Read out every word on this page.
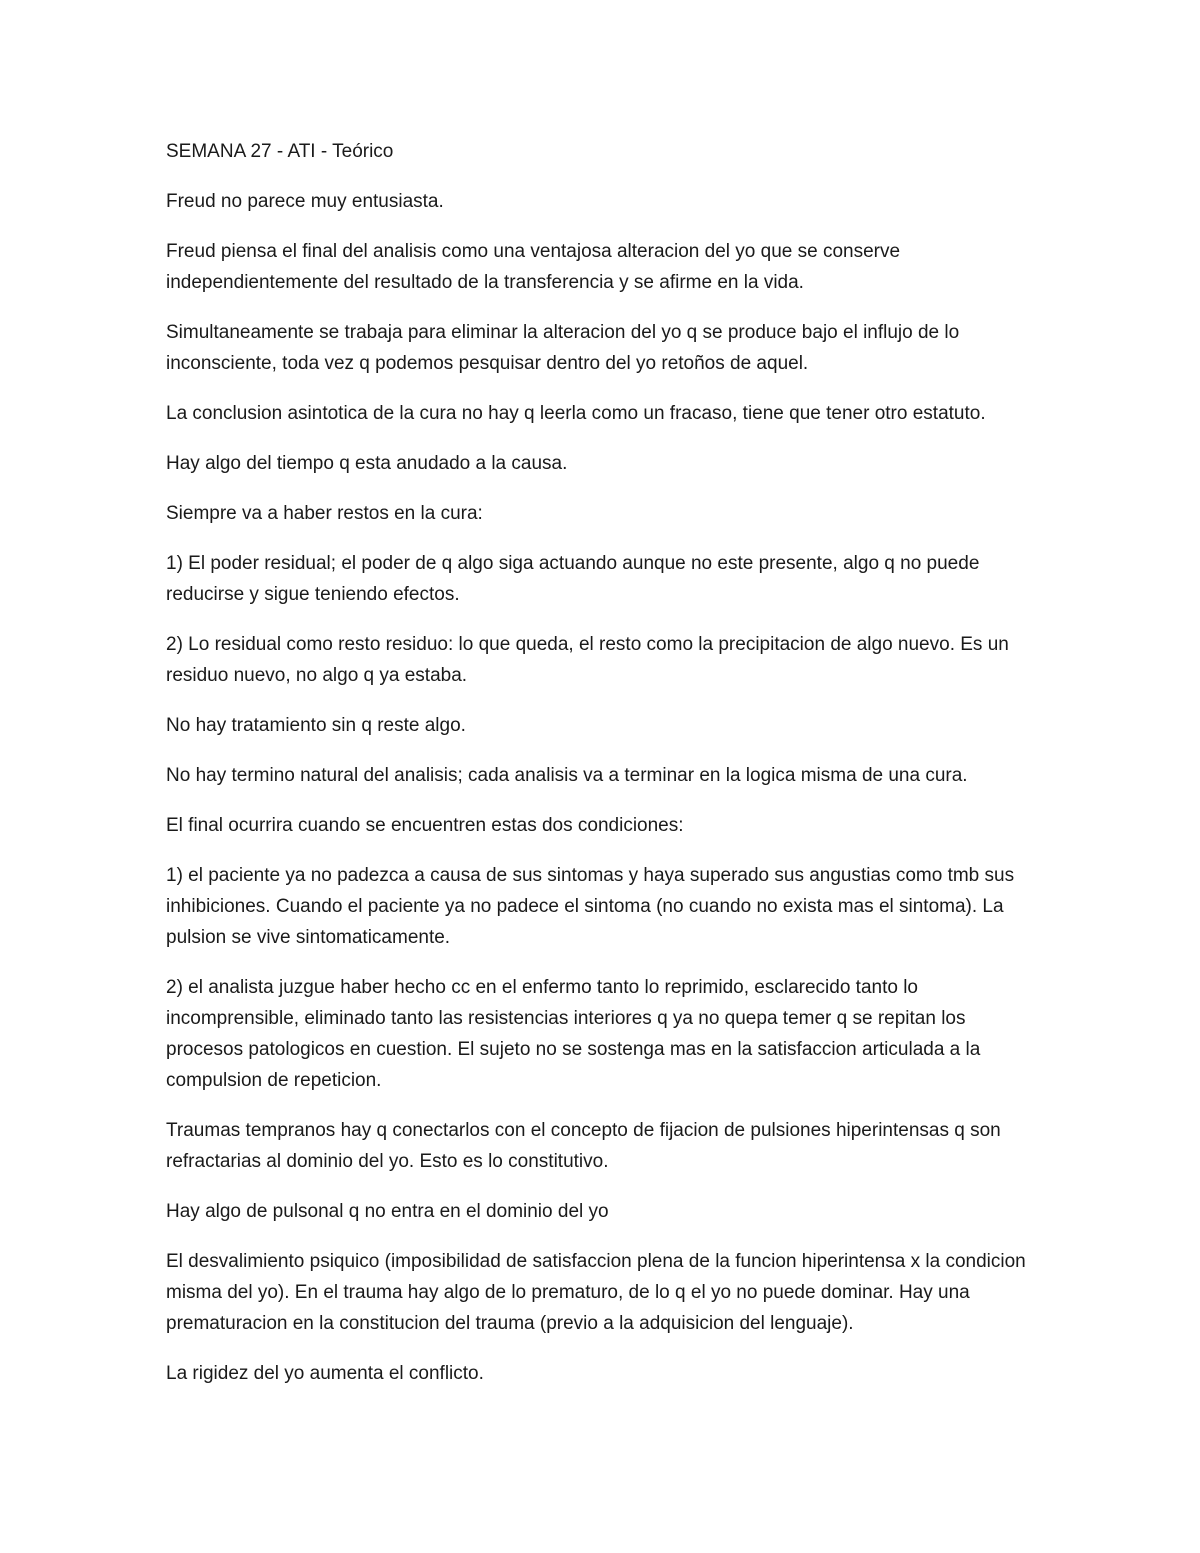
SEMANA 27 - ATI - Teórico

Freud no parece muy entusiasta.

Freud piensa el final del analisis como una ventajosa alteracion del yo que se conserve independientemente del resultado de la transferencia y se afirme en la vida.

Simultaneamente se trabaja para eliminar la alteracion del yo q se produce bajo el influjo de lo inconsciente, toda vez q podemos pesquisar dentro del yo retoños de aquel.

La conclusion asintotica de la cura no hay q leerla como un fracaso, tiene que tener otro estatuto.

Hay algo del tiempo q esta anudado a la causa.

Siempre va a haber restos en la cura:

1) El poder residual; el poder de q algo siga actuando aunque no este presente, algo q no puede reducirse y sigue teniendo efectos.

2) Lo residual como resto residuo: lo que queda, el resto como la precipitacion de algo nuevo. Es un residuo nuevo, no algo q ya estaba.

No hay tratamiento sin q reste algo.

No hay termino natural del analisis; cada analisis va a terminar en la logica misma de una cura.

El final ocurrira cuando se encuentren estas dos condiciones:

1) el paciente ya no padezca a causa de sus sintomas y haya superado sus angustias como tmb sus inhibiciones. Cuando el paciente ya no padece el sintoma (no cuando no exista mas el sintoma). La pulsion se vive sintomaticamente.

2) el analista juzgue haber hecho cc en el enfermo tanto lo reprimido, esclarecido tanto lo incomprensible, eliminado tanto las resistencias interiores q ya no quepa temer q se repitan los procesos patologicos en cuestion. El sujeto no se sostenga mas en la satisfaccion articulada a la compulsion de repeticion.

Traumas tempranos hay q conectarlos con el concepto de fijacion de pulsiones hiperintensas q son refractarias al dominio del yo. Esto es lo constitutivo.

Hay algo de pulsonal q no entra en el dominio del yo

El desvalimiento psiquico (imposibilidad de satisfaccion plena de la funcion hiperintensa x la condicion misma del yo). En el trauma hay algo de lo prematuro, de lo q el yo no puede dominar. Hay una prematuracion en la constitucion del trauma (previo a la adquisicion del lenguaje).

La rigidez del yo aumenta el conflicto.
